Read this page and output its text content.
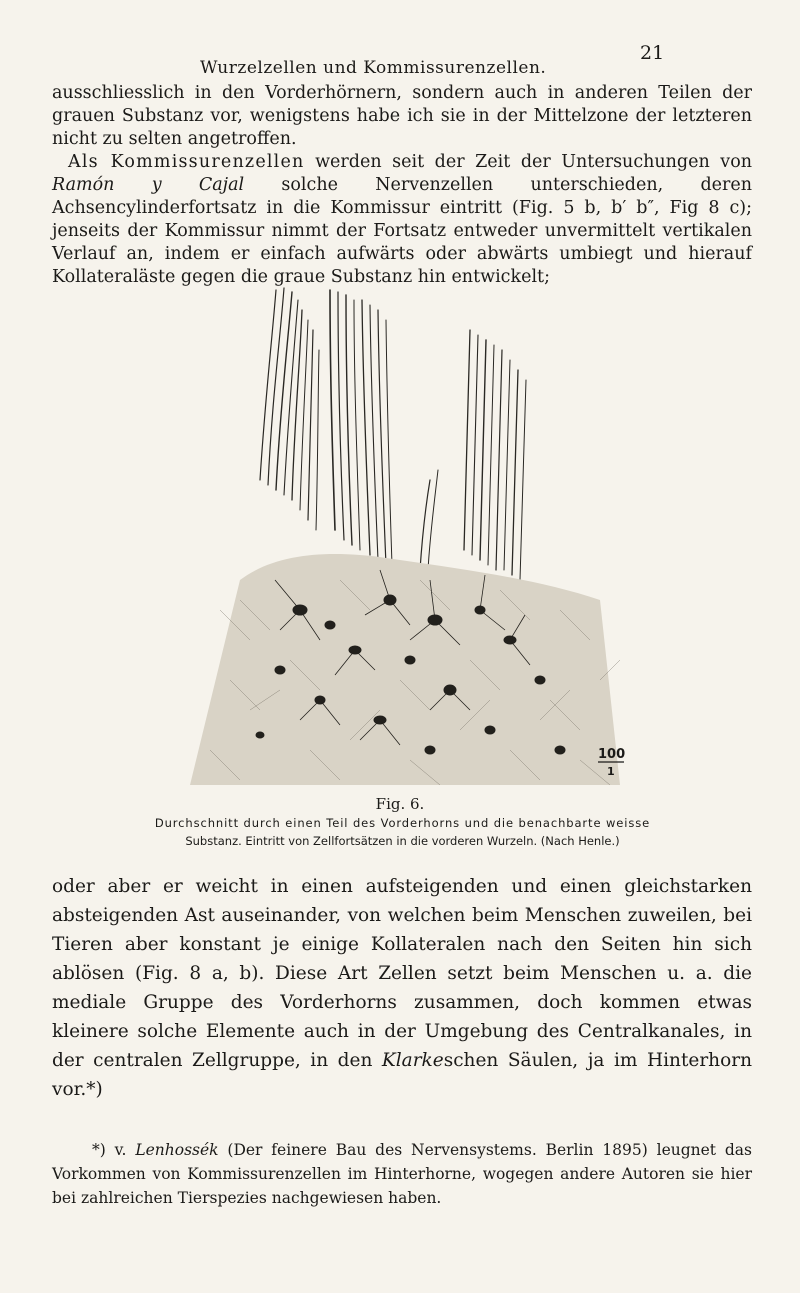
Wurzelzellen und Kommissurenzellen.
21

ausschliesslich in den Vorderhörnern, sondern auch in anderen Teilen der grauen Substanz vor, wenigstens habe ich sie in der Mittelzone der letzteren nicht zu selten angetroffen.

Als Kommissurenzellen werden seit der Zeit der Untersuchungen von Ramón y Cajal solche Nervenzellen unterschieden, deren Achsencylinderfortsatz in die Kommissur eintritt (Fig. 5 b, b′ b″, Fig 8 c); jenseits der Kommissur nimmt der Fortsatz entweder unvermittelt vertikalen Verlauf an, indem er einfach aufwärts oder abwärts umbiegt und hierauf Kollateraläste gegen die graue Substanz hin entwickelt;

100
1
Fig. 6.
Durchschnitt durch einen Teil des Vorderhorns und die benachbarte weisse
Substanz. Eintritt von Zellfortsätzen in die vorderen Wurzeln. (Nach Henle.)

oder aber er weicht in einen aufsteigenden und einen gleichstarken absteigenden Ast auseinander, von welchen beim Menschen zuweilen, bei Tieren aber konstant je einige Kollateralen nach den Seiten hin sich ablösen (Fig. 8 a, b). Diese Art Zellen setzt beim Menschen u. a. die mediale Gruppe des Vorderhorns zusammen, doch kommen etwas kleinere solche Elemente auch in der Umgebung des Centralkanales, in der centralen Zellgruppe, in den Klarkeschen Säulen, ja im Hinterhorn vor.*)

*) v. Lenhossék (Der feinere Bau des Nervensystems. Berlin 1895) leugnet das Vorkommen von Kommissurenzellen im Hinterhorne, wogegen andere Autoren sie hier bei zahlreichen Tierspezies nachgewiesen haben.
